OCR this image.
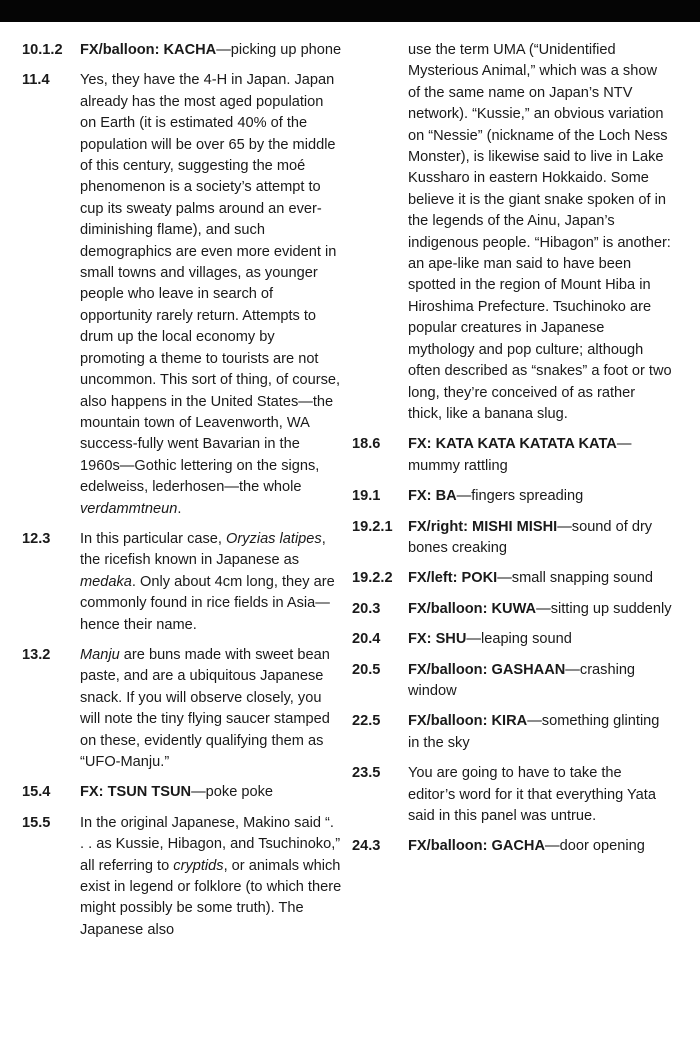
10.1.2	FX/balloon: KACHA—picking up phone
11.4	Yes, they have the 4-H in Japan. Japan already has the most aged population on Earth (it is estimated 40% of the population will be over 65 by the middle of this century, suggesting the moé phenomenon is a society’s attempt to cup its sweaty palms around an ever-diminishing flame), and such demographics are even more evident in small towns and villages, as younger people who leave in search of opportunity rarely return. Attempts to drum up the local economy by promoting a theme to tourists are not uncommon. This sort of thing, of course, also happens in the United States—the mountain town of Leavenworth, WA success-fully went Bavarian in the 1960s—Gothic lettering on the signs, edelweiss, lederhosen—the whole verdammtneun.
12.3	In this particular case, Oryzias latipes, the ricefish known in Japanese as medaka. Only about 4cm long, they are commonly found in rice fields in Asia—hence their name.
13.2	Manju are buns made with sweet bean paste, and are a ubiquitous Japanese snack. If you will observe closely, you will note the tiny flying saucer stamped on these, evidently qualifying them as “UFO-Manju.”
15.4	FX: TSUN TSUN—poke poke
15.5	In the original Japanese, Makino said “. . . as Kussie, Hibagon, and Tsuchinoko,” all referring to cryptids, or animals which exist in legend or folklore (to which there might possibly be some truth). The Japanese also
use the term UMA (“Unidentified Mysterious Animal,” which was a show of the same name on Japan’s NTV network). “Kussie,” an obvious variation on “Nessie” (nickname of the Loch Ness Monster), is likewise said to live in Lake Kussharo in eastern Hokkaido. Some believe it is the giant snake spoken of in the legends of the Ainu, Japan’s indigenous people. “Hibagon” is another: an ape-like man said to have been spotted in the region of Mount Hiba in Hiroshima Prefecture. Tsuchinoko are popular creatures in Japanese mythology and pop culture; although often described as “snakes” a foot or two long, they’re conceived of as rather thick, like a banana slug.
18.6	FX: KATA KATA KATATA KATA—mummy rattling
19.1	FX: BA—fingers spreading
19.2.1	FX/right: MISHI MISHI—sound of dry bones creaking
19.2.2	FX/left: POKI—small snapping sound
20.3	FX/balloon: KUWA—sitting up suddenly
20.4	FX: SHU—leaping sound
20.5	FX/balloon: GASHAAN—crashing window
22.5	FX/balloon: KIRA—something glinting in the sky
23.5	You are going to have to take the editor’s word for it that everything Yata said in this panel was untrue.
24.3	FX/balloon: GACHA—door opening
